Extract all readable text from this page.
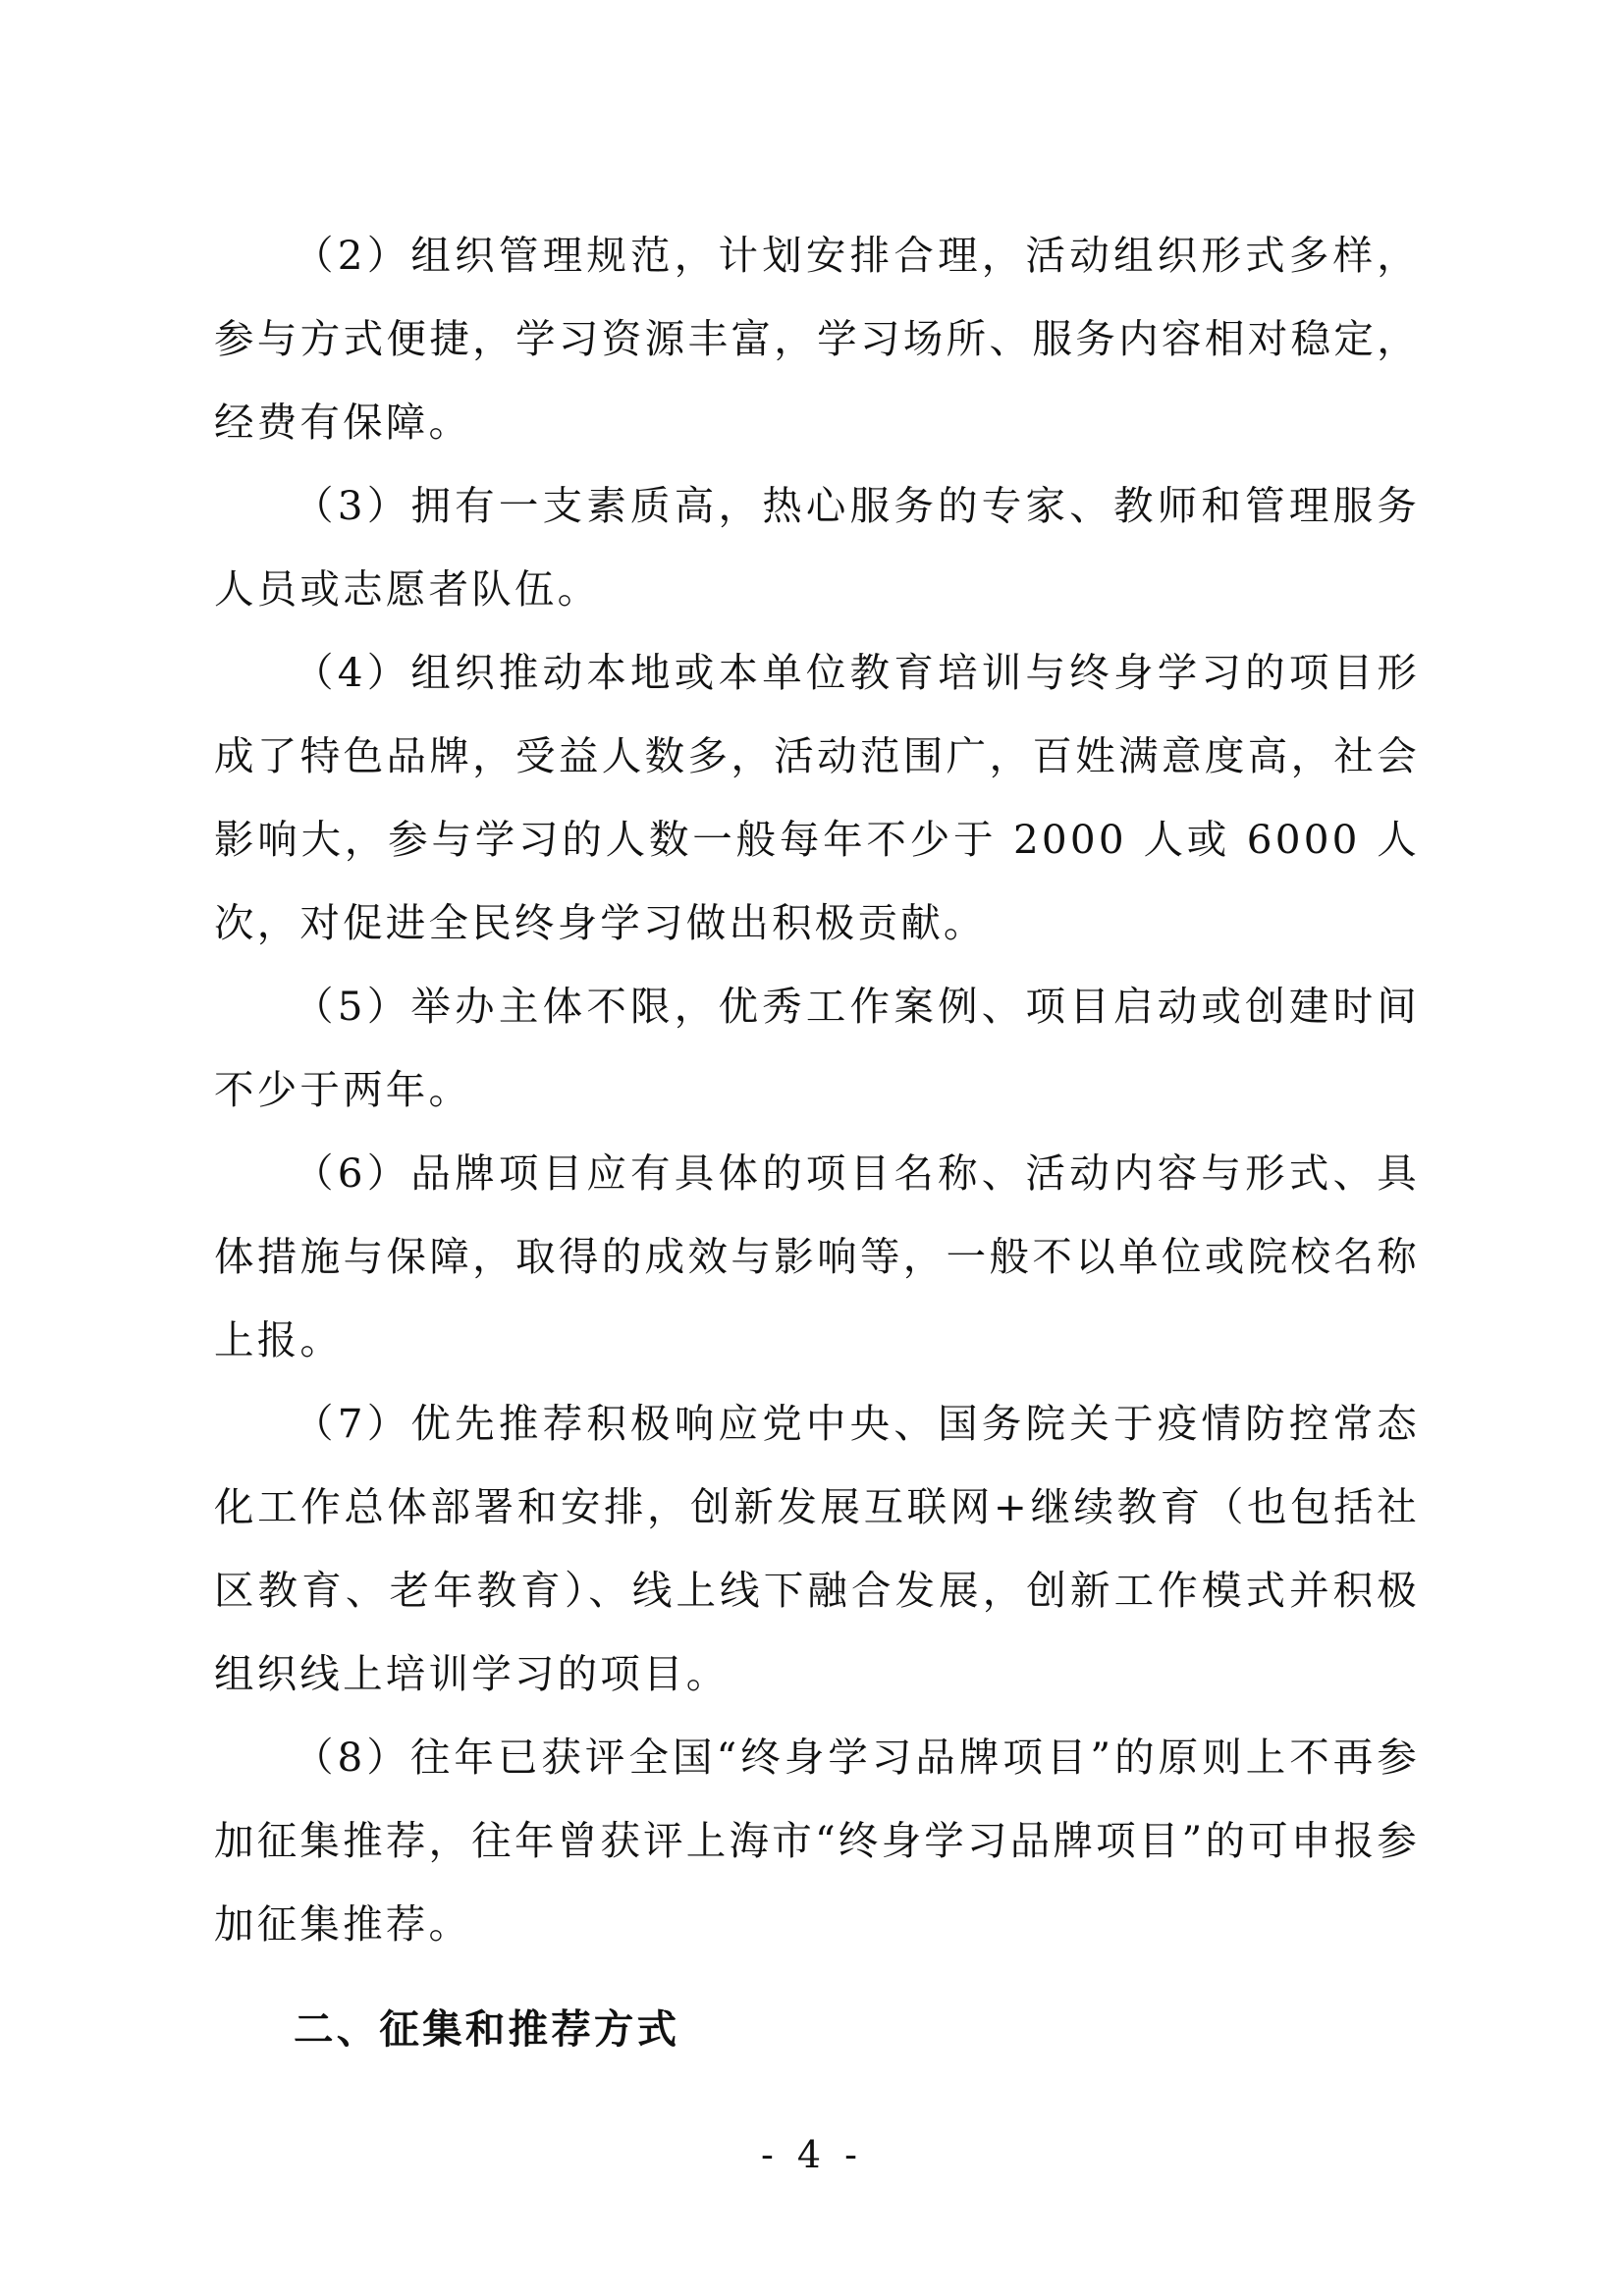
（2）组织管理规范，计划安排合理，活动组织形式多样，参与方式便捷，学习资源丰富，学习场所、服务内容相对稳定，经费有保障。

（3）拥有一支素质高，热心服务的专家、教师和管理服务人员或志愿者队伍。

（4）组织推动本地或本单位教育培训与终身学习的项目形成了特色品牌，受益人数多，活动范围广，百姓满意度高，社会影响大，参与学习的人数一般每年不少于 2000 人或 6000 人次，对促进全民终身学习做出积极贡献。

（5）举办主体不限，优秀工作案例、项目启动或创建时间不少于两年。

（6）品牌项目应有具体的项目名称、活动内容与形式、具体措施与保障，取得的成效与影响等，一般不以单位或院校名称上报。

（7）优先推荐积极响应党中央、国务院关于疫情防控常态化工作总体部署和安排，创新发展互联网+继续教育（也包括社区教育、老年教育）、线上线下融合发展，创新工作模式并积极组织线上培训学习的项目。

（8）往年已获评全国“终身学习品牌项目”的原则上不再参加征集推荐，往年曾获评上海市“终身学习品牌项目”的可申报参加征集推荐。

二、征集和推荐方式

- 4 -
